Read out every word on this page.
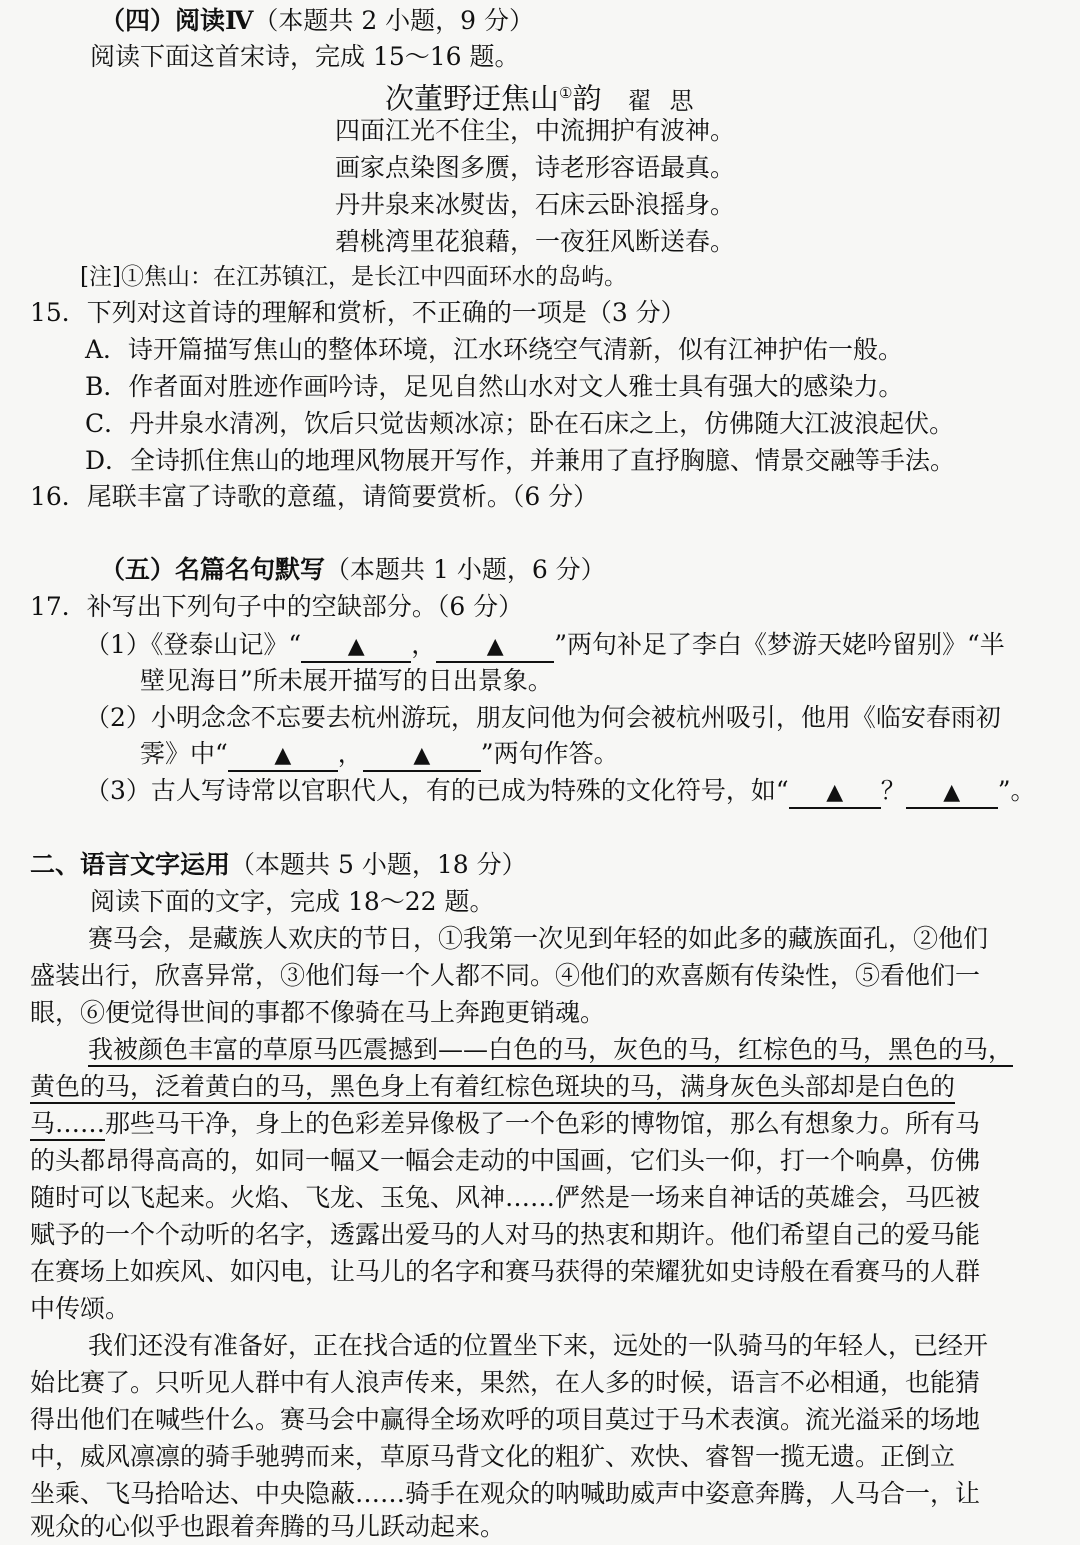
（四）阅读Ⅳ（本题共 2 小题，9 分）
阅读下面这首宋诗，完成 15～16 题。
次董野迂焦山①韵 翟思
四面江光不住尘，中流拥护有波神。
画家点染图多赝，诗老形容语最真。
丹井泉来冰熨齿，石床云卧浪摇身。
碧桃湾里花狼藉，一夜狂风断送春。
[注]①焦山：在江苏镇江，是长江中四面环水的岛屿。
15．下列对这首诗的理解和赏析，不正确的一项是（3 分）
A．诗开篇描写焦山的整体环境，江水环绕空气清新，似有江神护佑一般。
B．作者面对胜迹作画吟诗，足见自然山水对文人雅士具有强大的感染力。
C．丹井泉水清冽，饮后只觉齿颊冰凉；卧在石床之上，仿佛随大江波浪起伏。
D．全诗抓住焦山的地理风物展开写作，并兼用了直抒胸臆、情景交融等手法。
16．尾联丰富了诗歌的意蕴，请简要赏析。（6 分）
（五）名篇名句默写（本题共 1 小题，6 分）
17．补写出下列句子中的空缺部分。（6 分）
（1）《登泰山记》“ ▲ ， ▲ ”两句补足了李白《梦游天姥吟留别》“半
壁见海日”所未展开描写的日出景象。
（2）小明念念不忘要去杭州游玩，朋友问他为何会被杭州吸引，他用《临安春雨初
霁》中“ ▲ ， ▲ ”两句作答。
（3）古人写诗常以官职代人，有的已成为特殊的文化符号，如“ ▲ ？ ▲ ”。
二、语言文字运用（本题共 5 小题，18 分）
阅读下面的文字，完成 18～22 题。
赛马会，是藏族人欢庆的节日，①我第一次见到年轻的如此多的藏族面孔，②他们
盛装出行，欣喜异常，③他们每一个人都不同。④他们的欢喜颇有传染性，⑤看他们一
眼，⑥便觉得世间的事都不像骑在马上奔跑更销魂。
我被颜色丰富的草原马匹震撼到——白色的马，灰色的马，红棕色的马，黑色的马，
黄色的马，泛着黄白的马，黑色身上有着红棕色斑块的马，满身灰色头部却是白色的
马……那些马干净，身上的色彩差异像极了一个色彩的博物馆，那么有想象力。所有马
的头都昂得高高的，如同一幅又一幅会走动的中国画，它们头一仰，打一个响鼻，仿佛
随时可以飞起来。火焰、飞龙、玉兔、风神……俨然是一场来自神话的英雄会，马匹被
赋予的一个个动听的名字，透露出爱马的人对马的热衷和期许。他们希望自己的爱马能
在赛场上如疾风、如闪电，让马儿的名字和赛马获得的荣耀犹如史诗般在看赛马的人群
中传颂。
我们还没有准备好，正在找合适的位置坐下来，远处的一队骑马的年轻人，已经开
始比赛了。只听见人群中有人浪声传来，果然，在人多的时候，语言不必相通，也能猜
得出他们在喊些什么。赛马会中赢得全场欢呼的项目莫过于马术表演。流光溢采的场地
中，威风凛凛的骑手驰骋而来，草原马背文化的粗犷、欢快、睿智一揽无遗。正倒立
坐乘、飞马拾哈达、中央隐蔽……骑手在观众的呐喊助威声中姿意奔腾，人马合一，让
观众的心似乎也跟着奔腾的马儿跃动起来。
